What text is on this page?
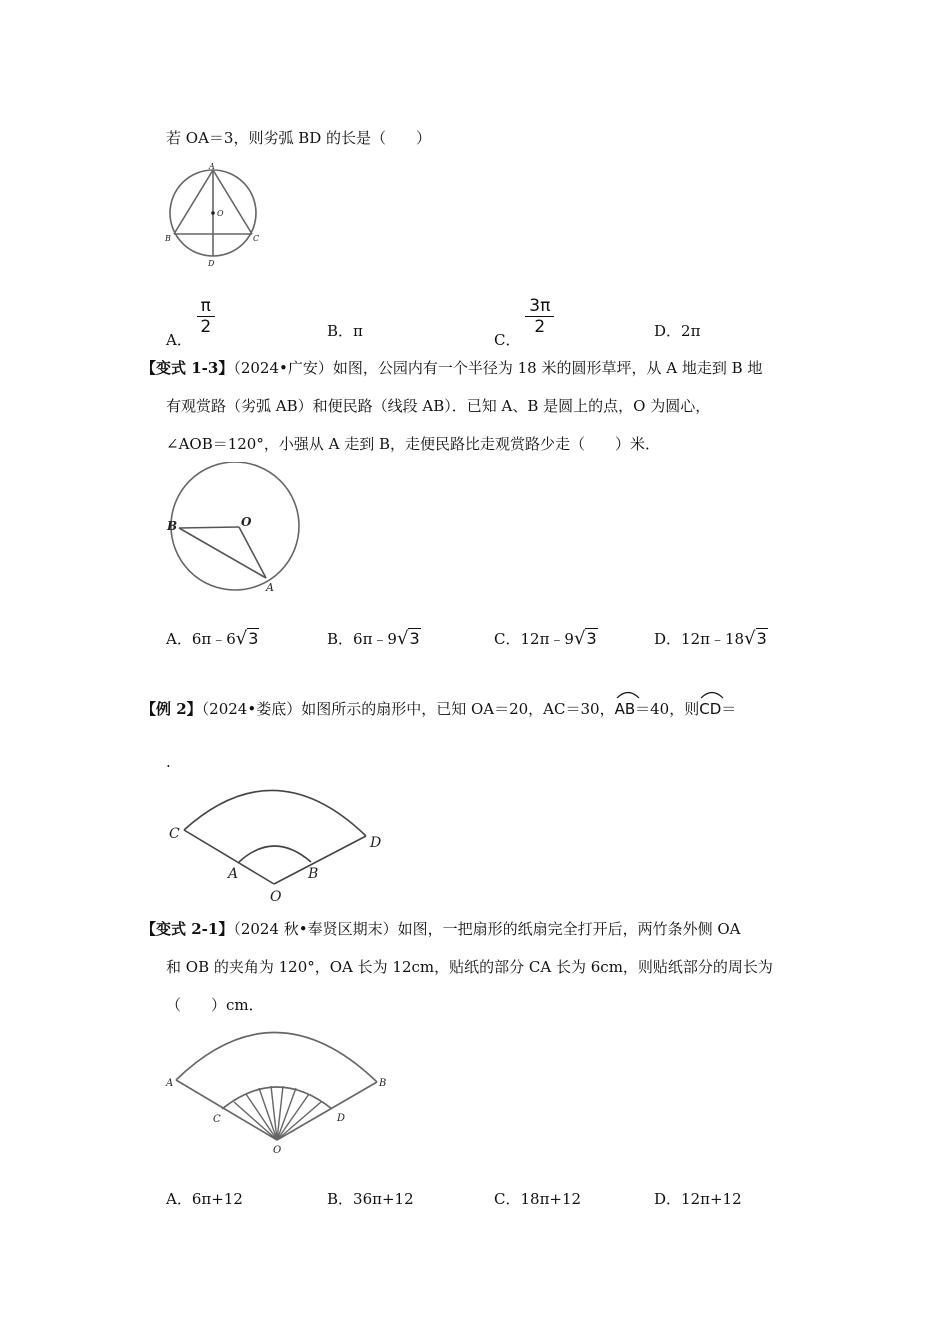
若 OA＝3，则劣弧 BD 的长是（　　）
A
O
B	C
D
A．
$\frac{\pi}{2}$	B．π	C．
$\frac{3\pi}{2}$	D．2π
【变式 1-3】（2024•广安）如图，公园内有一个半径为 18 米的圆形草坪，从 A 地走到 B 地
有观赏路（劣弧 AB）和便民路（线段 AB）．已知 A、B 是圆上的点，O 为圆心，
∠AOB＝120°，小强从 A 走到 B，走便民路比走观赏路少走（　　）米．
O
B
A
A．6π﹣6√3	B．6π﹣9√3	C．12π﹣9√3	D．12π﹣18√3
【例 2】（2024•娄底）如图所示的扇形中，已知 OA＝20，AC＝30，
AB＝40，则
CD＝
.
C
D
A	B
O
【变式 2-1】（2024 秋•奉贤区期末）如图，一把扇形的纸扇完全打开后，两竹条外侧 OA
和 OB 的夹角为 120°，OA 长为 12cm，贴纸的部分 CA 长为 6cm，则贴纸部分的周长为
（　　）cm．
A	B
C	D
O
A．6π+12	B．36π+12	C．18π+12	D．12π+12
